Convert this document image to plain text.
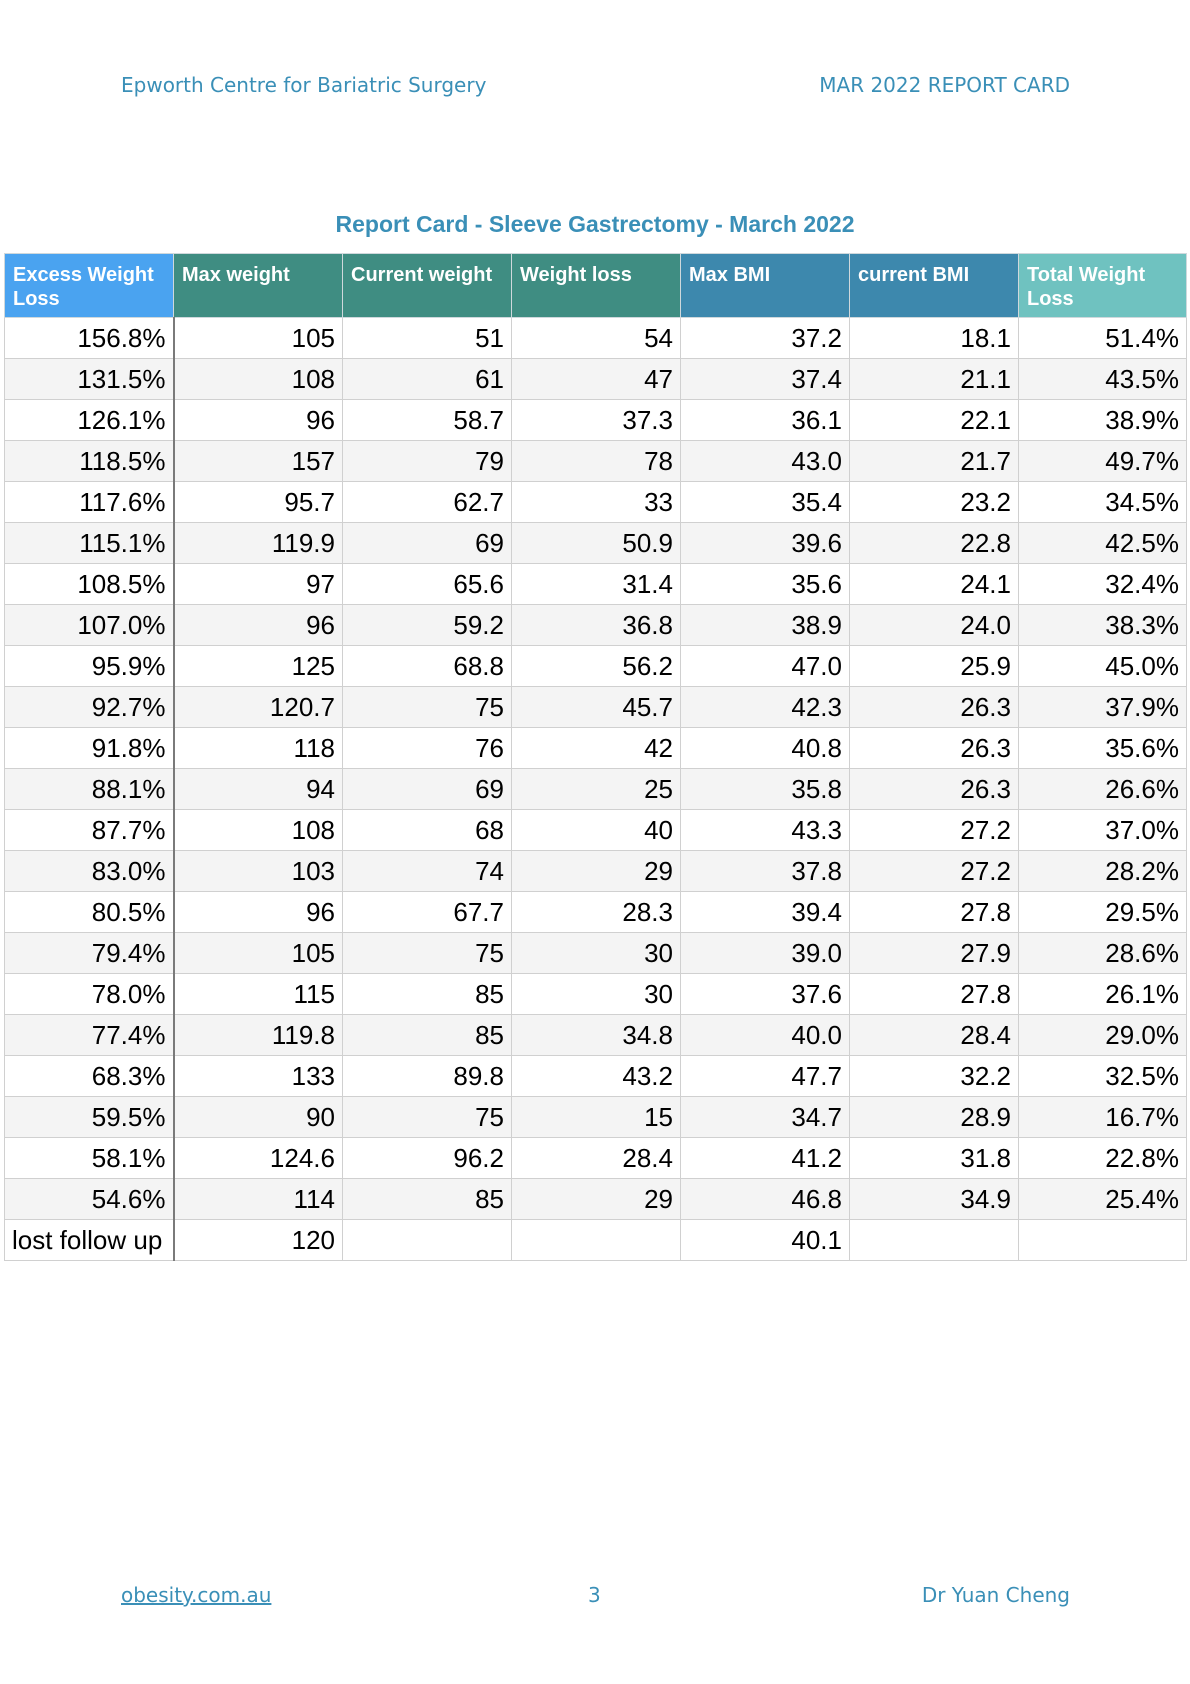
Epworth Centre for Bariatric Surgery	MAR 2022 REPORT CARD
Report Card - Sleeve Gastrectomy - March 2022
Excess Weight Loss	Max weight	Current weight	Weight loss	Max BMI	current BMI	Total Weight Loss
156.8%	105	51	54	37.2	18.1	51.4%
131.5%	108	61	47	37.4	21.1	43.5%
126.1%	96	58.7	37.3	36.1	22.1	38.9%
118.5%	157	79	78	43.0	21.7	49.7%
117.6%	95.7	62.7	33	35.4	23.2	34.5%
115.1%	119.9	69	50.9	39.6	22.8	42.5%
108.5%	97	65.6	31.4	35.6	24.1	32.4%
107.0%	96	59.2	36.8	38.9	24.0	38.3%
95.9%	125	68.8	56.2	47.0	25.9	45.0%
92.7%	120.7	75	45.7	42.3	26.3	37.9%
91.8%	118	76	42	40.8	26.3	35.6%
88.1%	94	69	25	35.8	26.3	26.6%
87.7%	108	68	40	43.3	27.2	37.0%
83.0%	103	74	29	37.8	27.2	28.2%
80.5%	96	67.7	28.3	39.4	27.8	29.5%
79.4%	105	75	30	39.0	27.9	28.6%
78.0%	115	85	30	37.6	27.8	26.1%
77.4%	119.8	85	34.8	40.0	28.4	29.0%
68.3%	133	89.8	43.2	47.7	32.2	32.5%
59.5%	90	75	15	34.7	28.9	16.7%
58.1%	124.6	96.2	28.4	41.2	31.8	22.8%
54.6%	114	85	29	46.8	34.9	25.4%
lost follow up	120			40.1		
obesity.com.au	3	Dr Yuan Cheng
